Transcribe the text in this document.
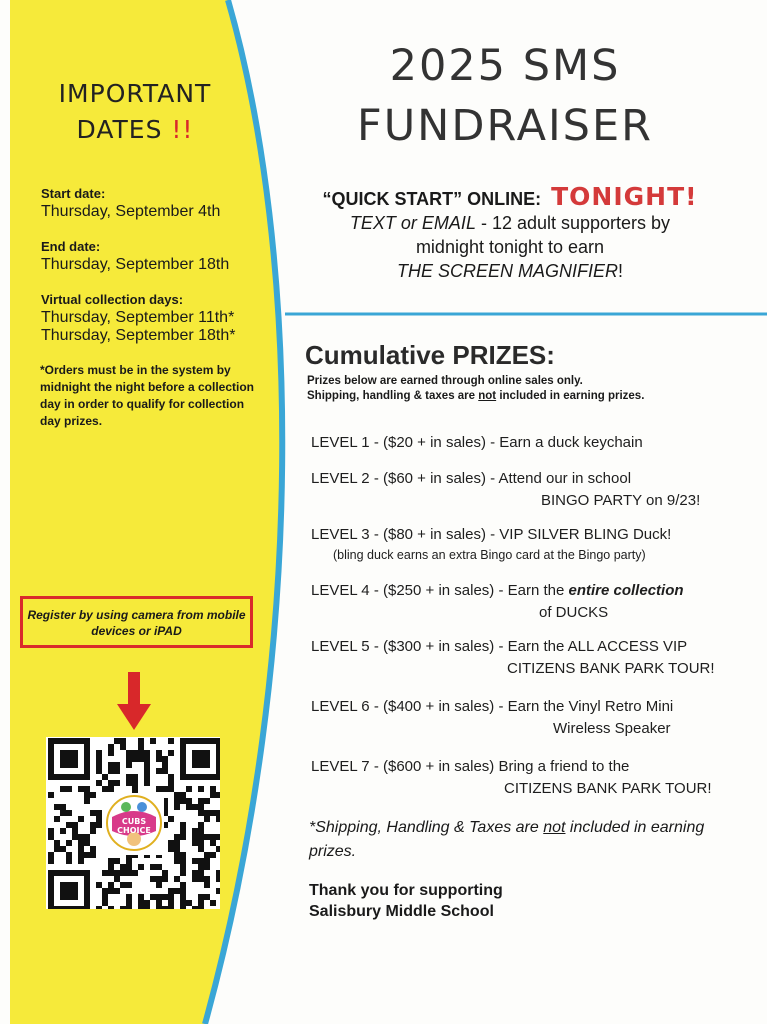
IMPORTANT
DATES !!
Start date:
Thursday, September 4th
End date:
Thursday, September 18th
Virtual collection days:
Thursday, September 11th*
Thursday, September 18th*
*Orders must be in the system by midnight the night before a collection day in order to qualify for collection day prizes.
Register by using camera from mobile devices or iPAD
CUBS CHOICE
2025 SMS
FUNDRAISER
“QUICK START” ONLINE: TONIGHT!
TEXT or EMAIL - 12 adult supporters by
midnight tonight to earn
THE SCREEN MAGNIFIER!
Cumulative PRIZES:
Prizes below are earned through online sales only.
Shipping, handling & taxes are not included in earning prizes.
LEVEL 1 - ($20 + in sales) - Earn a duck keychain
LEVEL 2 - ($60 + in sales) - Attend our in school
BINGO PARTY on 9/23!
LEVEL 3 - ($80 + in sales) - VIP SILVER BLING Duck!
(bling duck earns an extra Bingo card at the Bingo party)
LEVEL 4 - ($250 + in sales) - Earn the entire collection
of DUCKS
LEVEL 5 - ($300 + in sales) - Earn the ALL ACCESS VIP
CITIZENS BANK PARK TOUR!
LEVEL 6 - ($400 + in sales) - Earn the Vinyl Retro Mini
Wireless Speaker
LEVEL 7 - ($600 + in sales) Bring a friend to the
CITIZENS BANK PARK TOUR!
*Shipping, Handling & Taxes are not included in earning prizes.
Thank you for supporting
Salisbury Middle School
